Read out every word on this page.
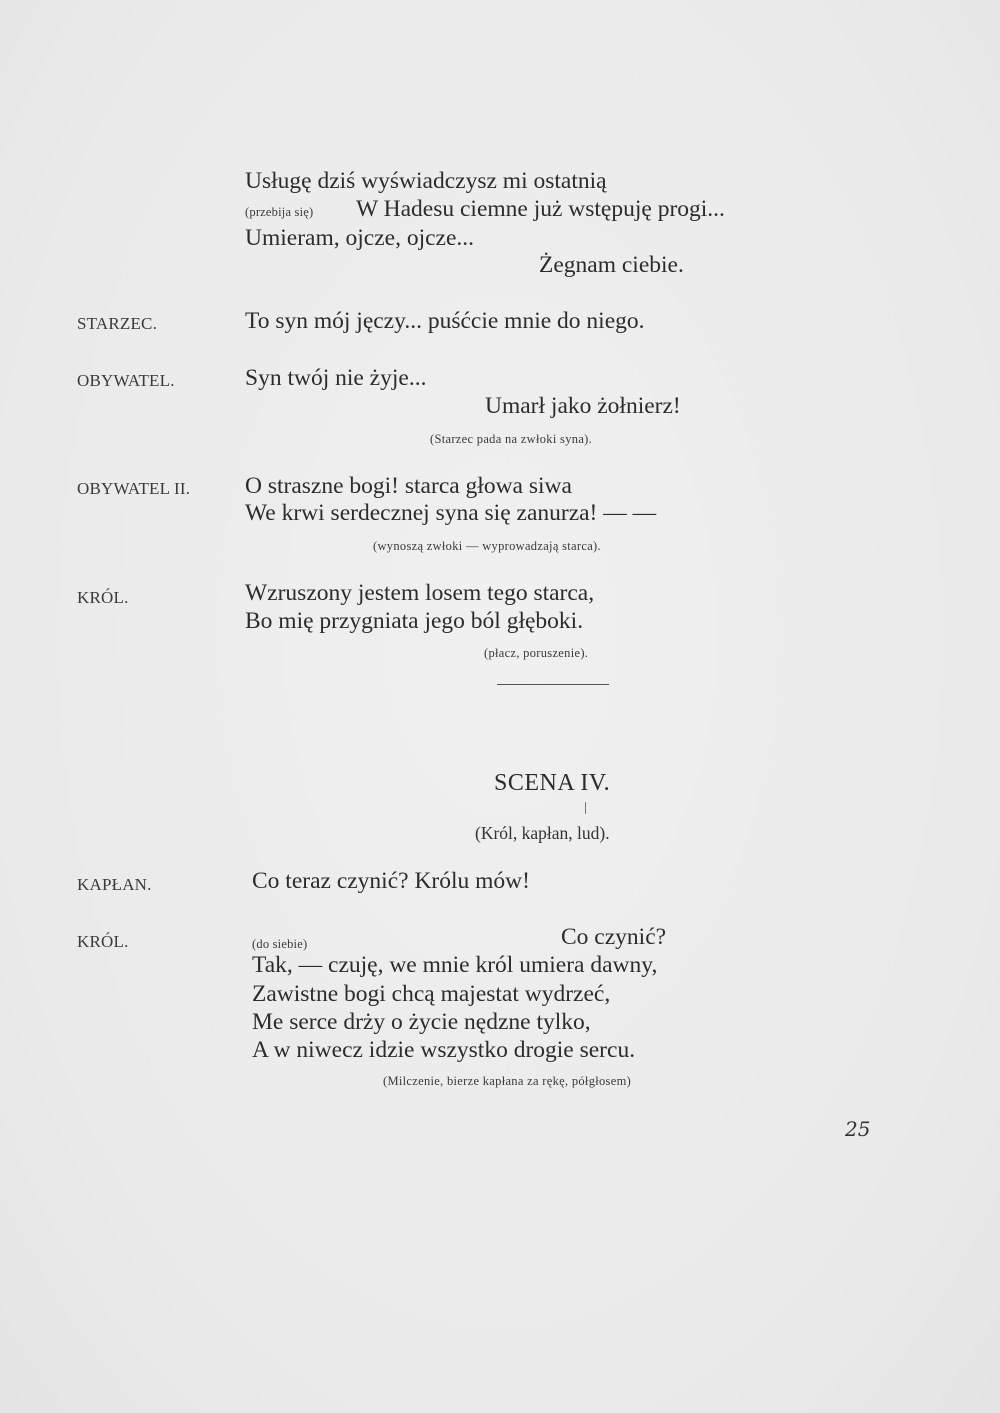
Usługę dziś wyświadczysz mi ostatnią
(przebija się) W Hadesu ciemne już wstępuję progi...
Umieram, ojcze, ojcze...
Żegnam ciebie.
STARZEC.	To syn mój jęczy... puśćcie mnie do niego.
OBYWATEL.	Syn twój nie żyje...
Umarł jako żołnierz!
(Starzec pada na zwłoki syna).
OBYWATEL II. O straszne bogi! starca głowa siwa
We krwi serdecznej syna się zanurza! — —
(wynoszą zwłoki — wyprowadzają starca).
KRÓL.	Wzruszony jestem losem tego starca,
Bo mię przygniata jego ból głęboki.
(płacz, poruszenie).
SCENA IV.
(Król, kapłan, lud).
KAPŁAN.	Co teraz czynić? Królu mów!
KRÓL.	(do siebie)	Co czynić?
Tak, — czuję, we mnie król umiera dawny,
Zawistne bogi chcą majestat wydrzeć,
Me serce drży o życie nędzne tylko,
A w niwecz idzie wszystko drogie sercu.
(Milczenie, bierze kapłana za rękę, półgłosem)
25
